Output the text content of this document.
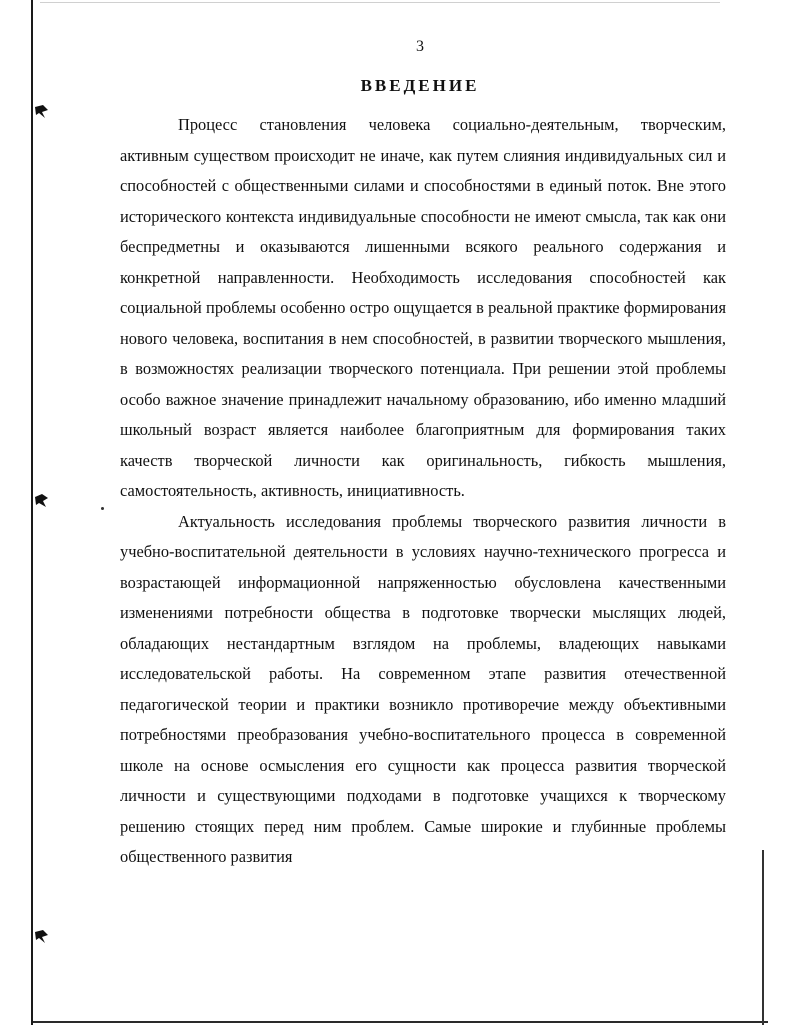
3
ВВЕДЕНИЕ

Процесс становления человека социально-деятельным, творческим, активным существом происходит не иначе, как путем слияния индивидуальных сил и способностей с общественными силами и способностями в единый поток. Вне этого исторического контекста индивидуальные способности не имеют смысла, так как они беспредметны и оказываются лишенными всякого реального содержания и конкретной направленности. Необходимость исследования способностей как социальной проблемы особенно остро ощущается в реальной практике формирования нового человека, воспитания в нем способностей, в развитии творческого мышления, в возможностях реализации творческого потенциала. При решении этой проблемы особо важное значение принадлежит начальному образованию, ибо именно младший школьный возраст является наиболее благоприятным для формирования таких качеств творческой личности как оригинальность, гибкость мышления, самостоятельность, активность, инициативность.

Актуальность исследования проблемы творческого развития личности в учебно-воспитательной деятельности в условиях научно-технического прогресса и возрастающей информационной напряженностью обусловлена качественными изменениями потребности общества в подготовке творчески мыслящих людей, обладающих нестандартным взглядом на проблемы, владеющих навыками исследовательской работы. На современном этапе развития отечественной педагогической теории и практики возникло противоречие между объективными потребностями преобразования учебно-воспитательного процесса в современной школе на основе осмысления его сущности как процесса развития творческой личности и существующими подходами в подготовке учащихся к творческому решению стоящих перед ним проблем. Самые широкие и глубинные проблемы общественного развития
